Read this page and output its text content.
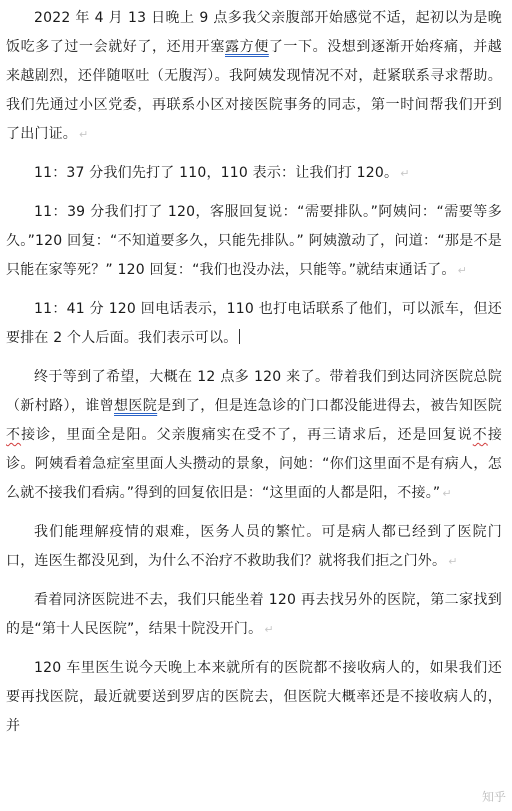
2022 年 4 月 13 日晚上 9 点多我父亲腹部开始感觉不适，起初以为是晚饭吃多了过一会就好了，还用开塞露方便了一下。没想到逐渐开始疼痛，并越来越剧烈，还伴随呕吐（无腹泻）。我阿姨发现情况不对，赶紧联系寻求帮助。我们先通过小区党委，再联系小区对接医院事务的同志，第一时间帮我们开到了出门证。 ↵

11：37 分我们先打了 110，110 表示：让我们打 120。 ↵

11：39 分我们打了 120，客服回复说：“需要排队。”阿姨问：“需要等多久。”120 回复：“不知道要多久，只能先排队。” 阿姨激动了，问道：“那是不是只能在家等死？” 120 回复：“我们也没办法，只能等。”就结束通话了。 ↵

11：41 分 120 回电话表示，110 也打电话联系了他们，可以派车，但还要排在 2 个人后面。我们表示可以。

终于等到了希望，大概在 12 点多 120 来了。带着我们到达同济医院总院（新村路），谁曾想医院是到了，但是连急诊的门口都没能进得去，被告知医院不接诊，里面全是阳。父亲腹痛实在受不了，再三请求后，还是回复说不接诊。阿姨看着急症室里面人头攒动的景象，问她：“你们这里面不是有病人，怎么就不接我们看病。”得到的回复依旧是：“这里面的人都是阳，不接。” ↵

我们能理解疫情的艰难，医务人员的繁忙。可是病人都已经到了医院门口，连医生都没见到，为什么不治疗不救助我们？就将我们拒之门外。 ↵

看着同济医院进不去，我们只能坐着 120 再去找另外的医院，第二家找到的是“第十人民医院”，结果十院没开门。 ↵

120 车里医生说今天晚上本来就所有的医院都不接收病人的，如果我们还要再找医院，最近就要送到罗店的医院去，但医院大概率还是不接收病人的，并

知乎
